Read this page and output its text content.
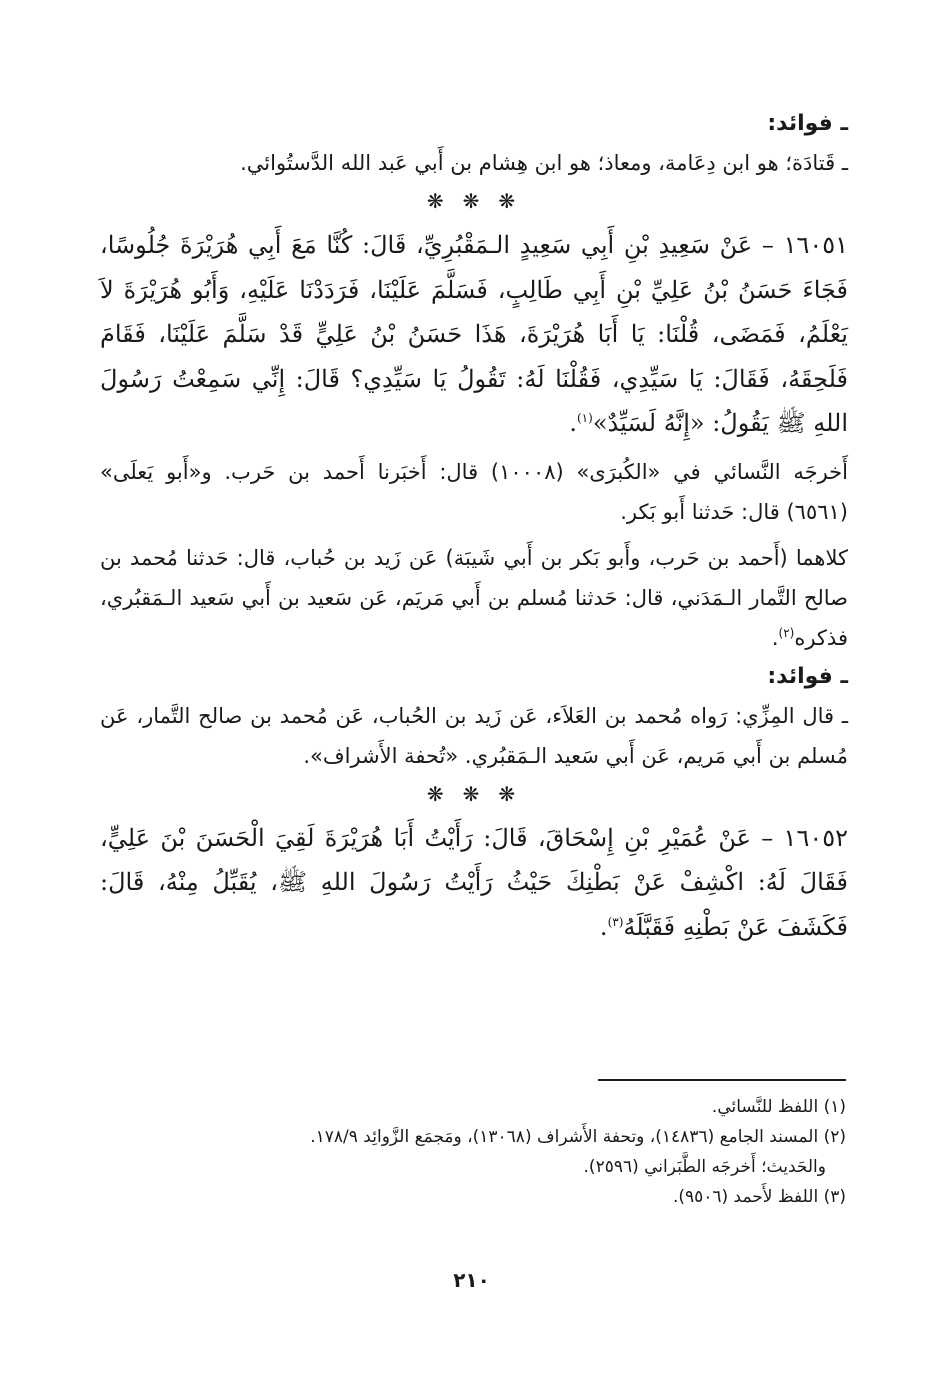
ـ فوائد:

ـ قَتادَة؛ هو ابن دِعَامة، ومعاذ؛ هو ابن هِشام بن أَبي عَبد الله الدَّستُوائي.

❋ ❋ ❋

١٦٠٥١ – عَنْ سَعِيدِ بْنِ أَبِي سَعِيدٍ الـمَقْبُرِيِّ، قَالَ: كُنَّا مَعَ أَبِي هُرَيْرَةَ جُلُوسًا، فَجَاءَ حَسَنُ بْنُ عَلِيِّ بْنِ أَبِي طَالِبٍ، فَسَلَّمَ عَلَيْنَا، فَرَدَدْنَا عَلَيْهِ، وَأَبُو هُرَيْرَةَ لاَ يَعْلَمُ، فَمَضَى، قُلْنَا: يَا أَبَا هُرَيْرَةَ، هَذَا حَسَنُ بْنُ عَلِيٍّ قَدْ سَلَّمَ عَلَيْنَا، فَقَامَ فَلَحِقَهُ، فَقَالَ: يَا سَيِّدِي، فَقُلْنَا لَهُ: تَقُولُ يَا سَيِّدِي؟ قَالَ: إِنِّي سَمِعْتُ رَسُولَ اللهِ ﷺ يَقُولُ: «إِنَّهُ لَسَيِّدٌ»$^{(١)}$.

أَخرجَه النَّسائي في «الكُبرَى» (١٠٠٠٨) قال: أَخبَرنا أَحمد بن حَرب. و«أَبو يَعلَى» (٦٥٦١) قال: حَدثنا أَبو بَكر.

كلاهما (أَحمد بن حَرب، وأَبو بَكر بن أَبي شَيبَة) عَن زَيد بن حُباب، قال: حَدثنا مُحمد بن صالح التَّمار الـمَدَني، قال: حَدثنا مُسلم بن أَبي مَريَم، عَن سَعيد بن أَبي سَعيد الـمَقبُري، فذكره$^{(٢)}$.

ـ فوائد:

ـ قال المِزِّي: رَواه مُحمد بن العَلاَء، عَن زَيد بن الحُباب، عَن مُحمد بن صالح التَّمار، عَن مُسلم بن أَبي مَريم، عَن أَبي سَعيد الـمَقبُري. «تُحفة الأَشراف».

❋ ❋ ❋

١٦٠٥٢ – عَنْ عُمَيْرِ بْنِ إِسْحَاقَ، قَالَ: رَأَيْتُ أَبَا هُرَيْرَةَ لَقِيَ الْحَسَنَ بْنَ عَلِيٍّ، فَقَالَ لَهُ: اكْشِفْ عَنْ بَطْنِكَ حَيْثُ رَأَيْتُ رَسُولَ اللهِ ﷺ، يُقَبِّلُ مِنْهُ، قَالَ: فَكَشَفَ عَنْ بَطْنِهِ فَقَبَّلَهُ$^{(٣)}$.

(١) اللفظ للنَّسائي.

(٢) المسند الجامع (١٤٨٣٦)، وتحفة الأَشراف (١٣٠٦٨)، ومَجمَع الزَّوائِد ١٧٨/٩.

والحَديث؛ أَخرجَه الطَّبَراني (٢٥٩٦).

(٣) اللفظ لأَحمد (٩٥٠٦).

٢١٠
